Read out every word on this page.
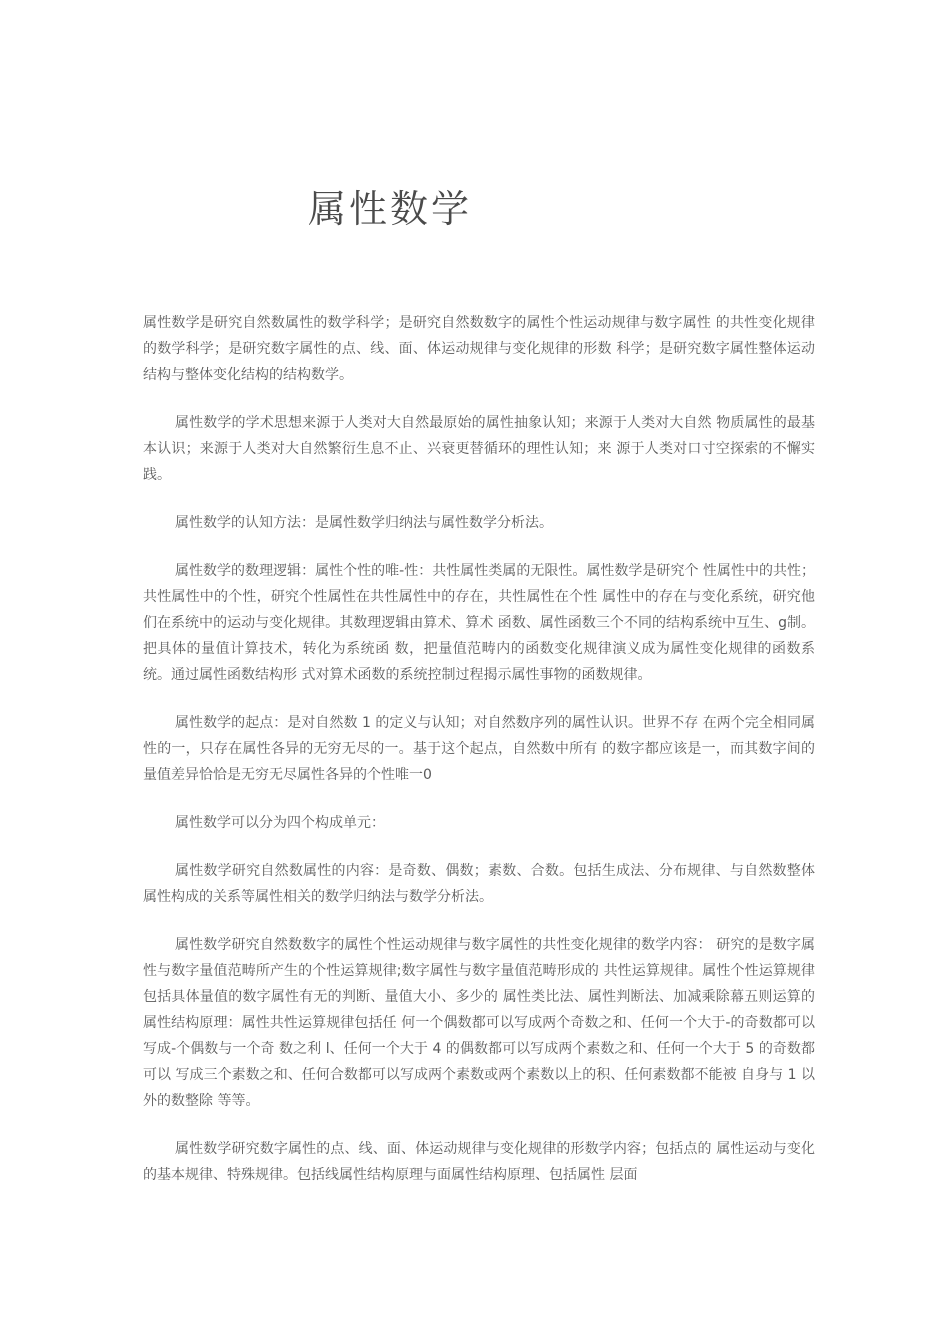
属性数学

属性数学是研究自然数属性的数学科学；是研究自然数数字的属性个性运动规律与数字属性 的共性变化规律的数学科学；是研究数字属性的点、线、面、体运动规律与变化规律的形数 科学；是研究数字属性整体运动结构与整体变化结构的结构数学。

属性数学的学术思想来源于人类对大自然最原始的属性抽象认知；来源于人类对大自然 物质属性的最基本认识；来源于人类对大自然繁衍生息不止、兴衰更替循环的理性认知；来 源于人类对口寸空探索的不懈实践。

属性数学的认知方法：是属性数学归纳法与属性数学分析法。

属性数学的数理逻辑：属性个性的唯-性：共性属性类属的无限性。属性数学是研究个 性属性中的共性；共性属性中的个性，研究个性属性在共性属性中的存在，共性属性在个性 属性中的存在与变化系统，研究他们在系统中的运动与变化规律。其数理逻辑由算术、算术 函数、属性函数三个不同的结构系统中互生、g制。把具体的量值计算技术，转化为系统函 数，把量值范畴内的函数变化规律演义成为属性变化规律的函数系统。通过属性函数结构形 式对算术函数的系统控制过程揭示属性事物的函数规律。

属性数学的起点：是对自然数 1 的定义与认知；对自然数序列的属性认识。世界不存 在两个完全相同属性的一，只存在属性各异的无穷无尽的一。基于这个起点，自然数中所有 的数字都应该是一，而其数字间的量值差异恰恰是无穷无尽属性各异的个性唯一0

属性数学可以分为四个构成单元：

属性数学研究自然数属性的内容：是奇数、偶数；素数、合数。包括生成法、分布规律、与自然数整体属性构成的关系等属性相关的数学归纳法与数学分析法。

属性数学研究自然数数字的属性个性运动规律与数字属性的共性变化规律的数学内容： 研究的是数字属性与数字量值范畴所产生的个性运算规律;数字属性与数字量值范畴形成的 共性运算规律。属性个性运算规律包括具体量值的数字属性有无的判断、量值大小、多少的 属性类比法、属性判断法、加减乘除幕五则运算的属性结构原理：属性共性运算规律包括任 何一个偶数都可以写成两个奇数之和、任何一个大于-的奇数都可以写成-个偶数与一个奇 数之利 l、任何一个大于 4 的偶数都可以写成两个素数之和、任何一个大于 5 的奇数都可以 写成三个素数之和、任何合数都可以写成两个素数或两个素数以上的积、任何素数都不能被 自身与 1 以外的数整除 等等。

属性数学研究数字属性的点、线、面、体运动规律与变化规律的形数学内容；包括点的 属性运动与变化的基本规律、特殊规律。包括线属性结构原理与面属性结构原理、包括属性 层面
